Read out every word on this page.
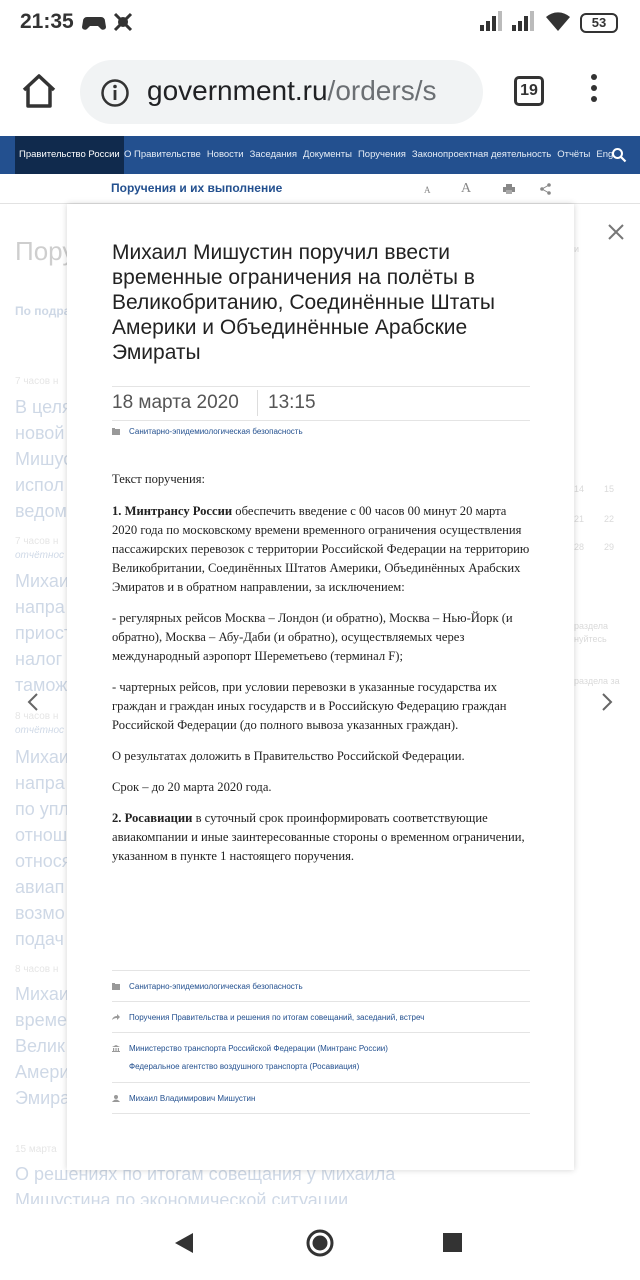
21:35	53
government.ru/orders/s	19
Правительство России О Правительстве Новости Заседания Документы Поручения Законопроектная деятельность Отчёты Eng
Поручения и их выполнение	A A
Михаил Мишустин поручил ввести временные ограничения на полёты в Великобританию, Соединённые Штаты Америки и Объединённые Арабские Эмираты
18 марта 2020 13:15
Санитарно-эпидемиологическая безопасность

Текст поручения:

1. Минтрансу России обеспечить введение с 00 часов 00 минут 20 марта 2020 года по московскому времени временного ограничения осуществления пассажирских перевозок с территории Российской Федерации на территорию Великобритании, Соединённых Штатов Америки, Объединённых Арабских Эмиратов и в обратном направлении, за исключением:

- регулярных рейсов Москва – Лондон (и обратно), Москва – Нью-Йорк (и обратно), Москва – Абу-Даби (и обратно), осуществляемых через международный аэропорт Шереметьево (терминал F);

- чартерных рейсов, при условии перевозки в указанные государства их граждан и граждан иных государств и в Российскую Федерацию граждан Российской Федерации (до полного вывоза указанных граждан).

О результатах доложить в Правительство Российской Федерации.

Срок – до 20 марта 2020 года.

2. Росавиации в суточный срок проинформировать соответствующие авиакомпании и иные заинтересованные стороны о временном ограничении, указанном в пункте 1 настоящего поручения.

Санитарно-эпидемиологическая безопасность
Поручения Правительства и решения по итогам совещаний, заседаний, встреч
Министерство транспорта Российской Федерации (Минтранс России)
Федеральное агентство воздушного транспорта (Росавиация)
Михаил Владимирович Мишустин
